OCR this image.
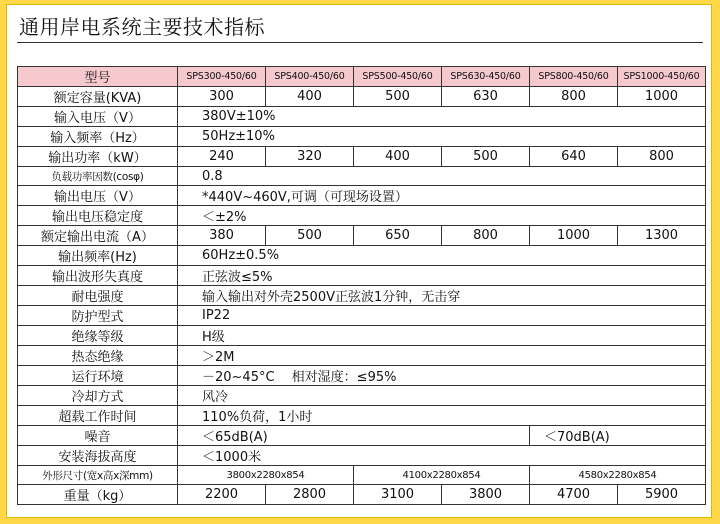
通用岸电系统主要技术指标
型号	SPS300-450/60	SPS400-450/60	SPS500-450/60	SPS630-450/60	SPS800-450/60	SPS1000-450/60
额定容量(KVA)	300	400	500	630	800	1000
输入电压（V）	380V±10%					
输入频率（Hz）	50Hz±10%					
输出功率（kW）	240	320	400	500	640	800
负载功率因数(cosφ)	0.8					
输出电压（V）	*440V~460V,可调（可现场设置）					
输出电压稳定度	＜±2%					
额定输出电流（A）	380	500	650	800	1000	1300
输出频率(Hz)	60Hz±0.5%					
输出波形失真度	正弦波≤5%					
耐电强度	输入输出对外壳2500V正弦波1分钟，无击穿					
防护型式	IP22					
绝缘等级	H级					
热态绝缘	＞2M					
运行环境	－20~45°C　 相对湿度：≤95%					
冷却方式	风冷					
超载工作时间	110%负荷，1小时					
噪音	＜65dB(A)				＜70dB(A)	
安装海拔高度	＜1000米					
外形尺寸(宽x高x深mm)	3800x2280x854		4100x2280x854		4580x2280x854	
重量（kg）	2200	2800	3100	3800	4700	5900
